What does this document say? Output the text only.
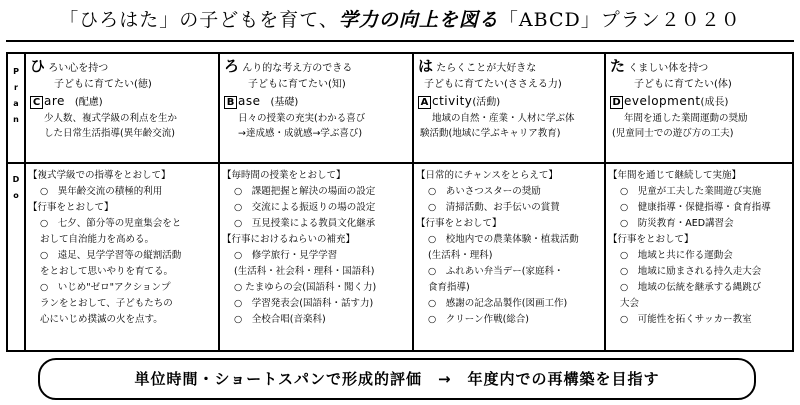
「ひろはた」の子どもを育て、学力の向上を図る「ABCD」プラン２０２０
P
r
a
n
D
o
ひ ろい心を持つ
子どもに育てたい(徳)
C are　 (配慮)
少人数、複式学級の利点を生か
した日常生活指導(異年齢交流)
ろ んり的な考え方のできる
子どもに育てたい(知)
B ase　 (基礎)
日々の授業の充実(わかる喜び
→達成感・成就感→学ぶ喜び)
は たらくことが大好きな
子どもに育てたい(ささえる力)
A ctivity(活動)
地域の自然・産業・人材に学ぶ体
験活動(地域に学ぶキャリア教育)
た くましい体を持つ
子どもに育てたい(体)
D evelopment(成長)
年間を通した業間運動の奨励
(児童同士での遊び方の工夫)
【複式学級での指導をとおして】
○　異年齢交流の積極的利用
【行事をとおして】
○　七夕、節分等の児童集会をと
おして自治能力を高める。
○　遠足、見学学習等の縦割活動
をとおして思いやりを育てる。
○　いじめ"ゼロ"アクションプ
ランをとおして、子どもたちの
心にいじめ撲滅の火を点す。
【毎時間の授業をとおして】
○　課題把握と解決の場面の設定
○　交流による振返りの場の設定
○　互見授業による教員文化継承
【行事におけるねらいの補充】
○　修学旅行・見学学習
(生活科・社会科・理科・国語科)
○ たまゆらの会(国語科・聞く力)
○　学習発表会(国語科・話す力)
○　全校合唱(音楽科)
【日常的にチャンスをとらえて】
○　あいさつスターの奨励
○　清掃活動、お手伝いの賞賛
【行事をとおして】
○　校地内での農業体験・植栽活動
(生活科・理科)
○　ふれあい弁当デー(家庭科・
食育指導)
○　感謝の記念品製作(図画工作)
○　クリーン作戦(総合)
【年間を通じて継続して実施】
○　児童が工夫した業間遊び実施
○　健康指導・保健指導・食育指導
○　防災教育・AED講習会
【行事をとおして】
○　地域と共に作る運動会
○　地域に励まされる持久走大会
○　地域の伝統を継承する縄跳び
大会
○　可能性を拓くサッカー教室
単位時間・ショートスパンで形成的評価　→　年度内での再構築を目指す
